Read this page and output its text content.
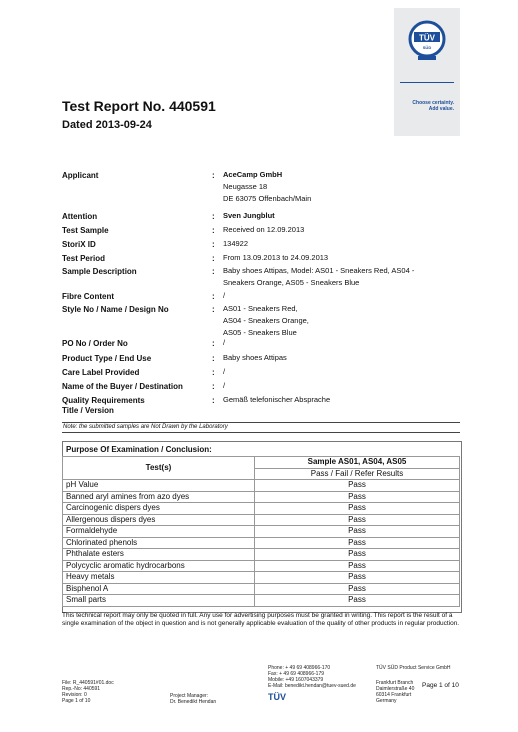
TÜV
SÜD
Choose certainty.
Add value.
Test Report No. 440591
Dated 2013-09-24
Applicant	: AceCamp GmbH
Neugasse 18
DE 63075 Offenbach/Main
Attention	: Sven Jungblut
Test Sample	: Received on 12.09.2013
StoriX ID	: 134922
Test Period	: From 13.09.2013 to 24.09.2013
Sample Description	: Baby shoes Attipas, Model: AS01 - Sneakers Red, AS04 -
Sneakers Orange, AS05 - Sneakers Blue
Fibre Content	: /
Style No / Name / Design No	: AS01 - Sneakers Red,
AS04 - Sneakers Orange,
AS05 - Sneakers Blue
PO No / Order No	: /
Product Type / End Use	: Baby shoes Attipas
Care Label Provided	: /
Name of the Buyer / Destination	: /
Quality Requirements	: Gemäß telefonischer Absprache
Title / Version
Note: the submitted samples are Not Drawn by the Laboratory
Purpose Of Examination / Conclusion:
Test(s)	Sample AS01, AS04, AS05
	Pass / Fail / Refer Results
pH Value	Pass
Banned aryl amines from azo dyes	Pass
Carcinogenic dispers dyes	Pass
Allergenous dispers dyes	Pass
Formaldehyde	Pass
Chlorinated phenols	Pass
Phthalate esters	Pass
Polycyclic aromatic hydrocarbons	Pass
Heavy metals	Pass
Bisphenol A	Pass
Small parts	Pass
This technical report may only be quoted in full. Any use for advertising purposes must be granted in writing. This report is the result of a single examination of the object in question and is not generally applicable evaluation of the quality of other products in regular production.
File: R_440591#01.doc
Rep.-No: 440591
Revision: 0
Page 1 of 10
Project Manager:
Dr. Benedikt Hendan
Phone: + 49 69 408966-170
Fax: + 49 69 408966-179
Mobile: +49 1607043379
E-Mail: benedikt.hendan@tuev-sued.de
TÜV
TÜV SÜD Product Service GmbH
Frankfurt Branch
Daimlerstraße 40
60314 Frankfurt
Germany
Page 1 of 10
